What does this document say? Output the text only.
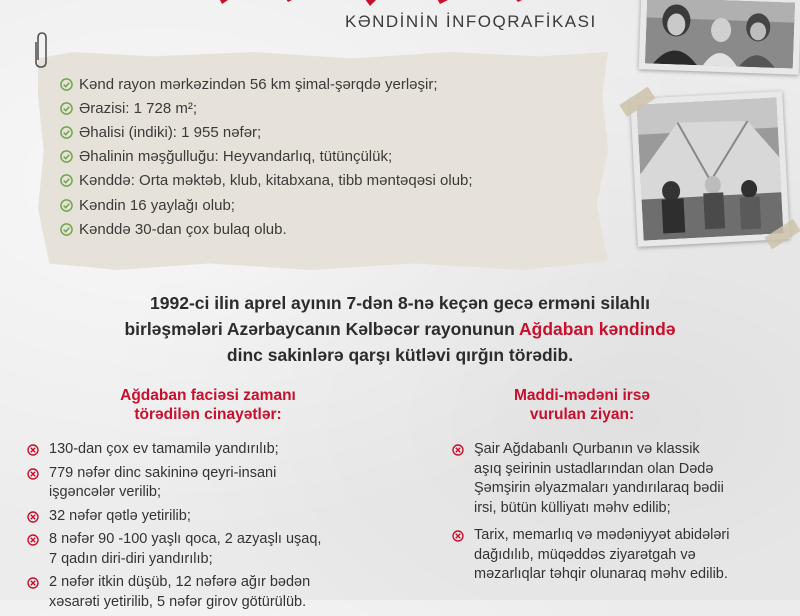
KƏNDİNİN İNFOQRAFİKASI
Kənd rayon mərkəzindən 56 km şimal-şərqdə yerləşir;
Ərazisi: 1 728 m²;
Əhalisi (indiki): 1 955 nəfər;
Əhalinin məşğulluğu: Heyvandarlıq, tütünçülük;
Kənddə: Orta məktəb, klub, kitabxana, tibb məntəqəsi olub;
Kəndin 16 yaylağı olub;
Kənddə 30-dan çox bulaq olub.
1992-ci ilin aprel ayının 7-dən 8-nə keçən gecə erməni silahlı
birləşmələri Azərbaycanın Kəlbəcər rayonunun Ağdaban kəndində
dinc sakinlərə qarşı kütləvi qırğın törədib.
Ağdaban faciəsi zamanı
törədilən cinayətlər:
Maddi-mədəni irsə
vurulan ziyan:
130-dan çox ev tamamilə yandırılıb;
779 nəfər dinc sakininə qeyri-insani
işgəncələr verilib;
32 nəfər qətlə yetirilib;
8 nəfər 90 -100 yaşlı qoca, 2 azyaşlı uşaq,
7 qadın diri-diri yandırılıb;
2 nəfər itkin düşüb, 12 nəfərə ağır bədən
xəsarəti yetirilib, 5 nəfər girov götürülüb.
Şair Ağdabanlı Qurbanın və klassik
aşıq şeirinin ustadlarından olan Dədə
Şəmşirin əlyazmaları yandırılaraq bədii
irsi, bütün külliyatı məhv edilib;
Tarix, memarlıq və mədəniyyət abidələri
dağıdılıb, müqəddəs ziyarətgah və
məzarlıqlar təhqir olunaraq məhv edilib.
